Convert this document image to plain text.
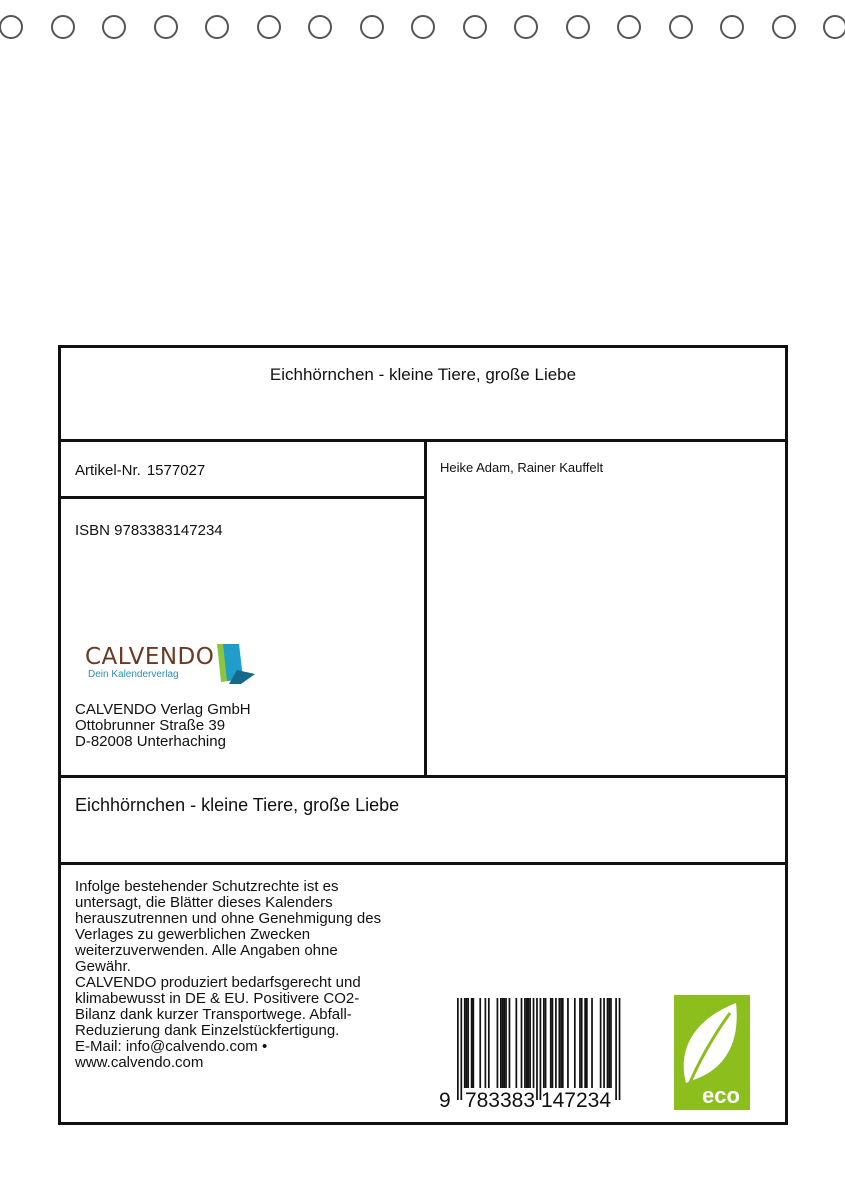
Eichhörnchen - kleine Tiere, große Liebe
Artikel-Nr. 1577027	Heike Adam, Rainer Kauffelt
ISBN 9783383147234
CALVENDO
Dein Kalenderverlag
CALVENDO Verlag GmbH
Ottobrunner Straße 39
D-82008 Unterhaching
Eichhörnchen - kleine Tiere, große Liebe
Infolge bestehender Schutzrechte ist es
untersagt, die Blätter dieses Kalenders
herauszutrennen und ohne Genehmigung des
Verlages zu gewerblichen Zwecken
weiterzuverwenden. Alle Angaben ohne
Gewähr.
CALVENDO produziert bedarfsgerecht und
klimabewusst in DE & EU. Positivere CO2-
Bilanz dank kurzer Transportwege. Abfall-
Reduzierung dank Einzelstückfertigung.
E-Mail: info@calvendo.com •
www.calvendo.com
9 783383 147234	eco
